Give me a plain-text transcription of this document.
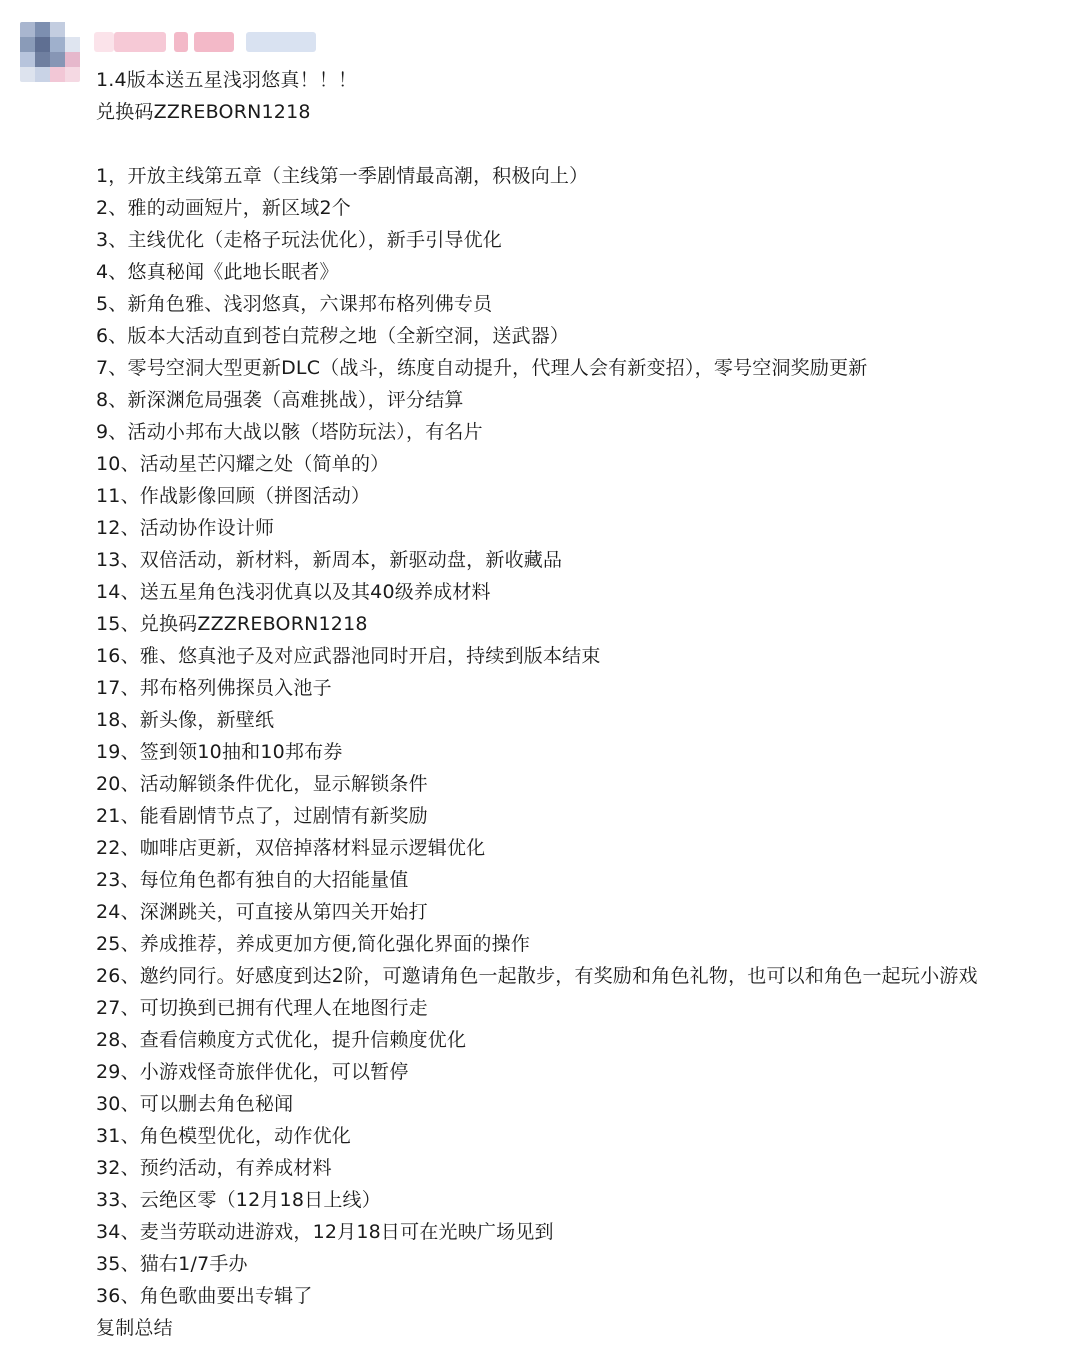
1.4版本送五星浅羽悠真！！！
兑换码ZZREBORN1218
1，开放主线第五章（主线第一季剧情最高潮，积极向上）
2、雅的动画短片，新区域2个
3、主线优化（走格子玩法优化），新手引导优化
4、悠真秘闻《此地长眠者》
5、新角色雅、浅羽悠真，六课邦布格列佛专员
6、版本大活动直到苍白荒秽之地（全新空洞，送武器）
7、零号空洞大型更新DLC（战斗，练度自动提升，代理人会有新变招），零号空洞奖励更新
8、新深渊危局强袭（高难挑战），评分结算
9、活动小邦布大战以骸（塔防玩法），有名片
10、活动星芒闪耀之处（简单的）
11、作战影像回顾（拼图活动）
12、活动协作设计师
13、双倍活动，新材料，新周本，新驱动盘，新收藏品
14、送五星角色浅羽优真以及其40级养成材料
15、兑换码ZZZREBORN1218
16、雅、悠真池子及对应武器池同时开启，持续到版本结束
17、邦布格列佛探员入池子
18、新头像，新壁纸
19、签到领10抽和10邦布券
20、活动解锁条件优化，显示解锁条件
21、能看剧情节点了，过剧情有新奖励
22、咖啡店更新，双倍掉落材料显示逻辑优化
23、每位角色都有独自的大招能量值
24、深渊跳关，可直接从第四关开始打
25、养成推荐，养成更加方便,简化强化界面的操作
26、邀约同行。好感度到达2阶，可邀请角色一起散步，有奖励和角色礼物，也可以和角色一起玩小游戏
27、可切换到已拥有代理人在地图行走
28、查看信赖度方式优化，提升信赖度优化
29、小游戏怪奇旅伴优化，可以暂停
30、可以删去角色秘闻
31、角色模型优化，动作优化
32、预约活动，有养成材料
33、云绝区零（12月18日上线）
34、麦当劳联动进游戏，12月18日可在光映广场见到
35、猫右1/7手办
36、角色歌曲要出专辑了
复制总结
